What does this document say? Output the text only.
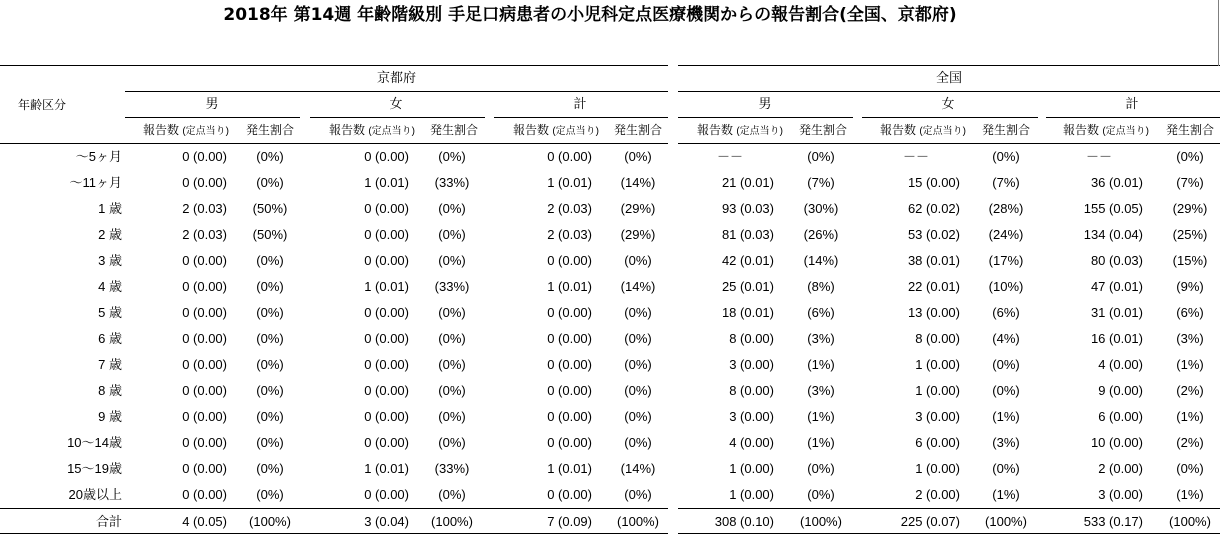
2018年 第14週 年齢階級別 手足口病患者の小児科定点医療機関からの報告割合(全国、京都府)
京都府	全国
年齢区分	男
報告数 (定点当り)	発生割合
女
報告数 (定点当り)	発生割合
計
報告数 (定点当り)	発生割合
男
報告数 (定点当り)	発生割合
女
報告数 (定点当り)	発生割合
計
報告数 (定点当り)	発生割合
～5ヶ月	0 (0.00)	(0%)	0 (0.00)	(0%)	0 (0.00)	(0%)	－－	(0%)	－－	(0%)	－－	(0%)
～11ヶ月	0 (0.00)	(0%)	1 (0.01)	(33%)	1 (0.01)	(14%)	21 (0.01)	(7%)	15 (0.00)	(7%)	36 (0.01)	(7%)
1 歳	2 (0.03)	(50%)	0 (0.00)	(0%)	2 (0.03)	(29%)	93 (0.03)	(30%)	62 (0.02)	(28%)	155 (0.05)	(29%)
2 歳	2 (0.03)	(50%)	0 (0.00)	(0%)	2 (0.03)	(29%)	81 (0.03)	(26%)	53 (0.02)	(24%)	134 (0.04)	(25%)
3 歳	0 (0.00)	(0%)	0 (0.00)	(0%)	0 (0.00)	(0%)	42 (0.01)	(14%)	38 (0.01)	(17%)	80 (0.03)	(15%)
4 歳	0 (0.00)	(0%)	1 (0.01)	(33%)	1 (0.01)	(14%)	25 (0.01)	(8%)	22 (0.01)	(10%)	47 (0.01)	(9%)
5 歳	0 (0.00)	(0%)	0 (0.00)	(0%)	0 (0.00)	(0%)	18 (0.01)	(6%)	13 (0.00)	(6%)	31 (0.01)	(6%)
6 歳	0 (0.00)	(0%)	0 (0.00)	(0%)	0 (0.00)	(0%)	8 (0.00)	(3%)	8 (0.00)	(4%)	16 (0.01)	(3%)
7 歳	0 (0.00)	(0%)	0 (0.00)	(0%)	0 (0.00)	(0%)	3 (0.00)	(1%)	1 (0.00)	(0%)	4 (0.00)	(1%)
8 歳	0 (0.00)	(0%)	0 (0.00)	(0%)	0 (0.00)	(0%)	8 (0.00)	(3%)	1 (0.00)	(0%)	9 (0.00)	(2%)
9 歳	0 (0.00)	(0%)	0 (0.00)	(0%)	0 (0.00)	(0%)	3 (0.00)	(1%)	3 (0.00)	(1%)	6 (0.00)	(1%)
10～14歳	0 (0.00)	(0%)	0 (0.00)	(0%)	0 (0.00)	(0%)	4 (0.00)	(1%)	6 (0.00)	(3%)	10 (0.00)	(2%)
15～19歳	0 (0.00)	(0%)	1 (0.01)	(33%)	1 (0.01)	(14%)	1 (0.00)	(0%)	1 (0.00)	(0%)	2 (0.00)	(0%)
20歳以上	0 (0.00)	(0%)	0 (0.00)	(0%)	0 (0.00)	(0%)	1 (0.00)	(0%)	2 (0.00)	(1%)	3 (0.00)	(1%)
合計	4 (0.05)	(100%)	3 (0.04)	(100%)	7 (0.09)	(100%)	308 (0.10)	(100%)	225 (0.07)	(100%)	533 (0.17)	(100%)
